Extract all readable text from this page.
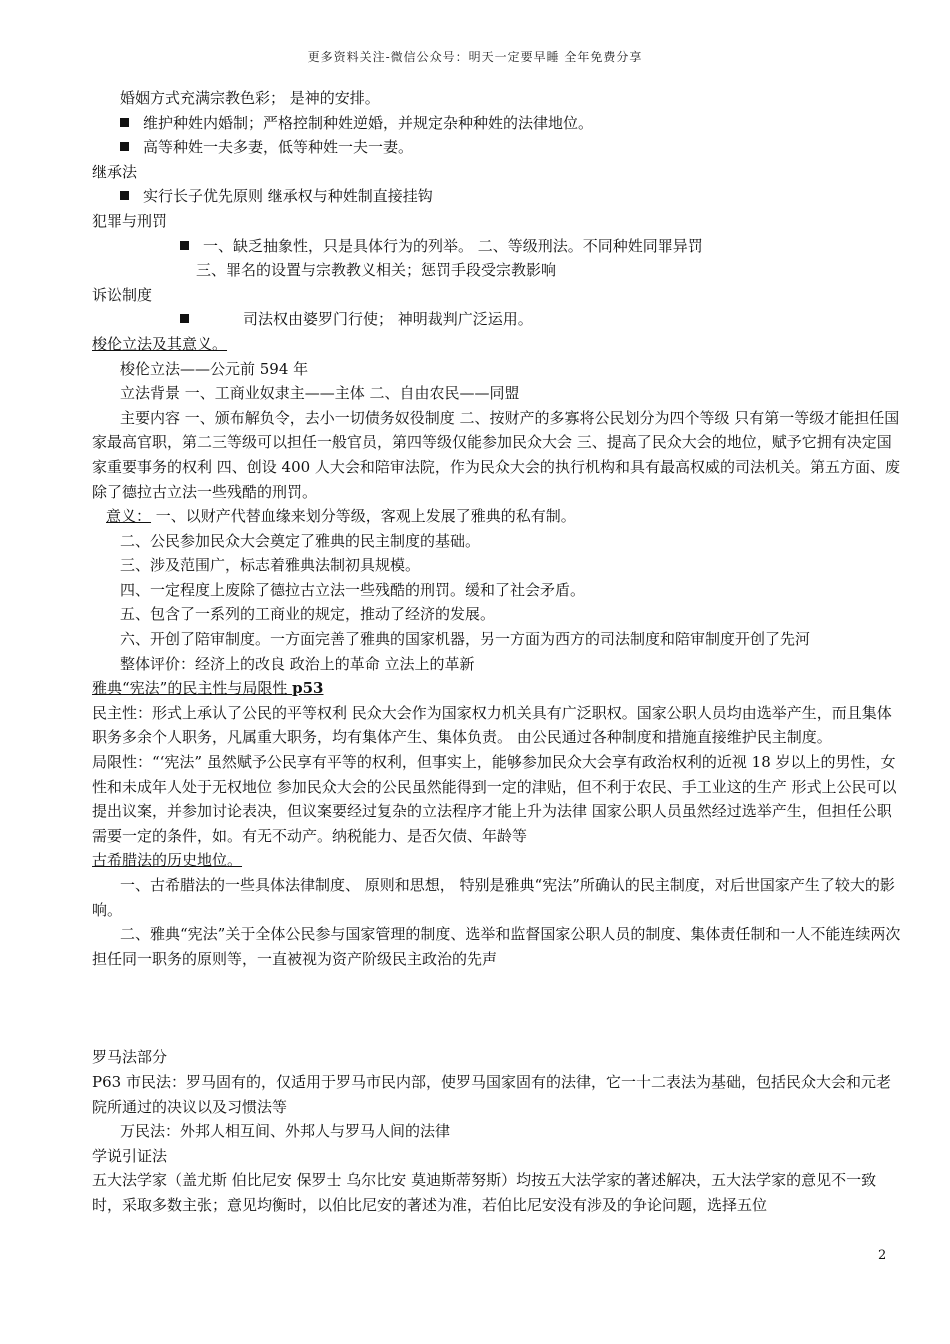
更多资料关注-微信公众号：明天一定要早睡 全年免费分享

婚姻方式充满宗教色彩； 是神的安排。

维护种姓内婚制；严格控制种姓逆婚，并规定杂种种姓的法律地位。

高等种姓一夫多妻，低等种姓一夫一妻。

继承法

实行长子优先原则 继承权与种姓制直接挂钩

犯罪与刑罚

一、缺乏抽象性，只是具体行为的列举。 二、等级刑法。不同种姓同罪异罚

三、罪名的设置与宗教教义相关；惩罚手段受宗教影响

诉讼制度

司法权由婆罗门行使； 神明裁判广泛运用。

梭伦立法及其意义。

梭伦立法——公元前 594 年

立法背景 一、工商业奴隶主——主体 二、自由农民——同盟

主要内容 一、颁布解负令，去小一切债务奴役制度 二、按财产的多寡将公民划分为四个等级 只有第一等级才能担任国家最高官职，第二三等级可以担任一般官员，第四等级仅能参加民众大会 三、提高了民众大会的地位，赋予它拥有决定国家重要事务的权利 四、创设 400 人大会和陪审法院，作为民众大会的执行机构和具有最高权威的司法机关。第五方面、废除了德拉古立法一些残酷的刑罚。

意义： 一、以财产代替血缘来划分等级，客观上发展了雅典的私有制。

二、公民参加民众大会奠定了雅典的民主制度的基础。

三、涉及范围广，标志着雅典法制初具规模。

四、一定程度上废除了德拉古立法一些残酷的刑罚。缓和了社会矛盾。

五、包含了一系列的工商业的规定，推动了经济的发展。

六、开创了陪审制度。一方面完善了雅典的国家机器，另一方面为西方的司法制度和陪审制度开创了先河

整体评价：经济上的改良 政治上的革命 立法上的革新

雅典“宪法”的民主性与局限性 p53

民主性：形式上承认了公民的平等权利 民众大会作为国家权力机关具有广泛职权。国家公职人员均由选举产生，而且集体职务多余个人职务，凡属重大职务，均有集体产生、集体负责。 由公民通过各种制度和措施直接维护民主制度。

局限性：“‘宪法” 虽然赋予公民享有平等的权利，但事实上，能够参加民众大会享有政治权利的近视 18 岁以上的男性，女性和未成年人处于无权地位 参加民众大会的公民虽然能得到一定的津贴，但不利于农民、手工业这的生产 形式上公民可以提出议案，并参加讨论表决，但议案要经过复杂的立法程序才能上升为法律 国家公职人员虽然经过选举产生，但担任公职需要一定的条件，如。有无不动产。纳税能力、是否欠债、年龄等

古希腊法的历史地位。

一、古希腊法的一些具体法律制度、 原则和思想， 特别是雅典“宪法”所确认的民主制度，对后世国家产生了较大的影响。

二、雅典“宪法”关于全体公民参与国家管理的制度、选举和监督国家公职人员的制度、集体责任制和一人不能连续两次担任同一职务的原则等，一直被视为资产阶级民主政治的先声

罗马法部分

P63 市民法：罗马固有的，仅适用于罗马市民内部，使罗马国家固有的法律，它一十二表法为基础，包括民众大会和元老院所通过的决议以及习惯法等

万民法：外邦人相互间、外邦人与罗马人间的法律

学说引证法

五大法学家（盖尤斯 伯比尼安 保罗士 乌尔比安 莫迪斯蒂努斯）均按五大法学家的著述解决，五大法学家的意见不一致时，采取多数主张；意见均衡时，以伯比尼安的著述为准，若伯比尼安没有涉及的争论问题，选择五位

2
